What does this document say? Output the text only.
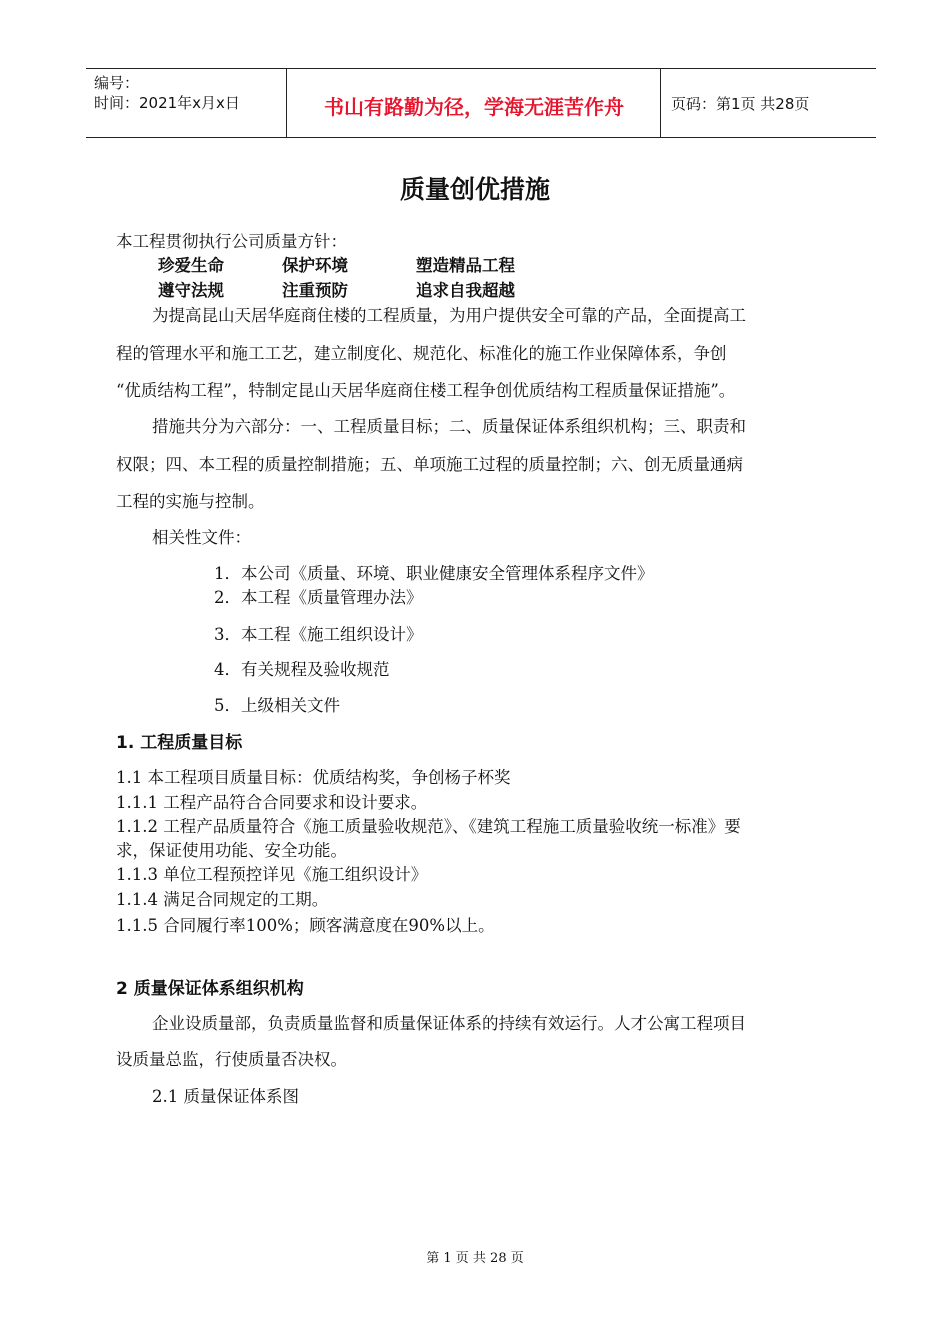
编号：
时间：2021年x月x日	书山有路勤为径，学海无涯苦作舟	页码：第1页 共28页
质量创优措施
本工程贯彻执行公司质量方针：
珍爱生命	保护环境	塑造精品工程
遵守法规	注重预防	追求自我超越
为提高昆山天居华庭商住楼的工程质量，为用户提供安全可靠的产品，全面提高工
程的管理水平和施工工艺，建立制度化、规范化、标准化的施工作业保障体系，争创
“优质结构工程”，特制定昆山天居华庭商住楼工程争创优质结构工程质量保证措施”。
措施共分为六部分：一、工程质量目标；二、质量保证体系组织机构；三、职责和
权限；四、本工程的质量控制措施；五、单项施工过程的质量控制；六、创无质量通病
工程的实施与控制。
相关性文件：
1．本公司《质量、环境、职业健康安全管理体系程序文件》
2．本工程《质量管理办法》
3．本工程《施工组织设计》
4．有关规程及验收规范
5．上级相关文件
1. 工程质量目标
1.1 本工程项目质量目标：优质结构奖，争创杨子杯奖
1.1.1 工程产品符合合同要求和设计要求。
1.1.2 工程产品质量符合《施工质量验收规范》、《建筑工程施工质量验收统一标准》要
求，保证使用功能、安全功能。
1.1.3 单位工程预控详见《施工组织设计》
1.1.4 满足合同规定的工期。
1.1.5 合同履行率100%；顾客满意度在90%以上。
2 质量保证体系组织机构
企业设质量部，负责质量监督和质量保证体系的持续有效运行。人才公寓工程项目
设质量总监，行使质量否决权。
2.1 质量保证体系图
第 1 页 共 28 页
